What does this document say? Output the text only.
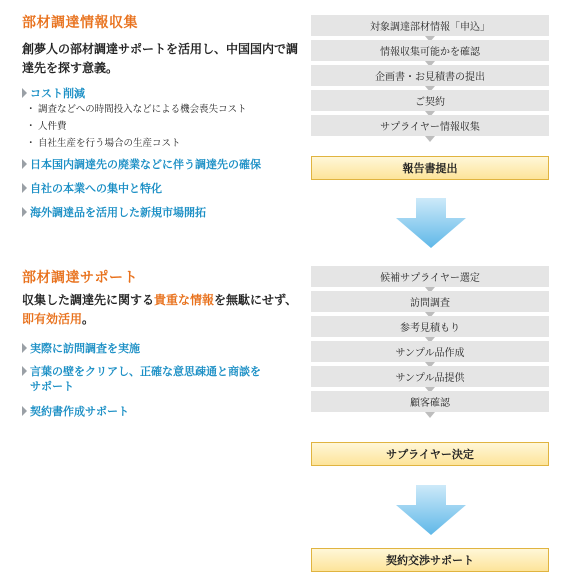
部材調達情報収集
創夢人の部材調達サポートを活用し、中国国内で調達先を探す意義。
コスト削減
・ 調査などへの時間投入などによる機会喪失コスト
・ 人件費
・ 自社生産を行う場合の生産コスト
日本国内調達先の廃業などに伴う調達先の確保
自社の本業への集中と特化
海外調達品を活用した新規市場開拓
部材調達サポート
収集した調達先に関する貴重な情報を無駄にせず、即有効活用。
実際に訪問調査を実施
言葉の壁をクリアし、正確な意思疎通と商談を
サポート
契約書作成サポート
対象調達部材情報「申込」
情報収集可能かを確認
企画書・お見積書の提出
ご契約
サプライヤー情報収集
報告書提出
候補サプライヤー選定
訪問調査
参考見積もり
サンプル品作成
サンプル品提供
顧客確認
サプライヤー決定
契約交渉サポート
